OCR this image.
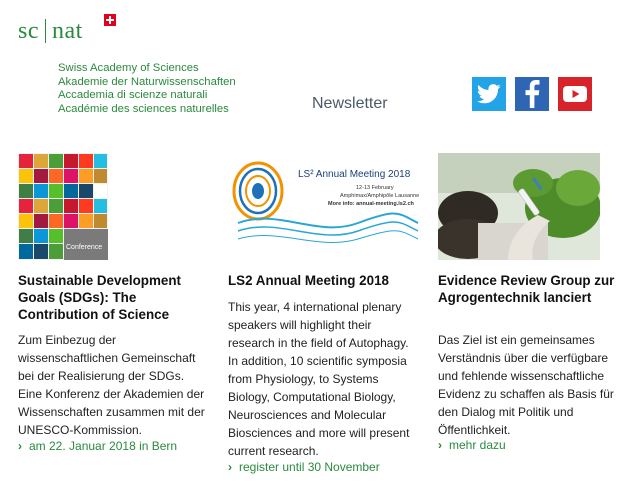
sc nat
Swiss Academy of Sciences
Akademie der Naturwissenschaften
Accademia di scienze naturali
Académie des sciences naturelles	Newsletter
Conference
Sustainable Development Goals (SDGs): The Contribution of Science
Zum Einbezug der wissenschaftlichen Gemeinschaft bei der Realisierung der SDGs. Eine Konferenz der Akademien der Wissenschaften zusammen mit der UNESCO-Kommission.
› am 22. Januar 2018 in Bern
LS² Annual Meeting 2018
12-13 February
Amphimax/Amphipôle Lausanne
More info: annual-meeting.ls2.ch
LS2 Annual Meeting 2018
This year, 4 international plenary speakers will highlight their research in the field of Autophagy. In addition, 10 scientific symposia from Physiology, to Systems Biology, Computational Biology, Neurosciences and Molecular Biosciences and more will present current research.
› register until 30 November
Evidence Review Group zur Agrogentechnik lanciert
Das Ziel ist ein gemeinsames Verständnis über die verfügbare und fehlende wissenschaftliche Evidenz zu schaffen als Basis für den Dialog mit Politik und Öffentlichkeit.
› mehr dazu
